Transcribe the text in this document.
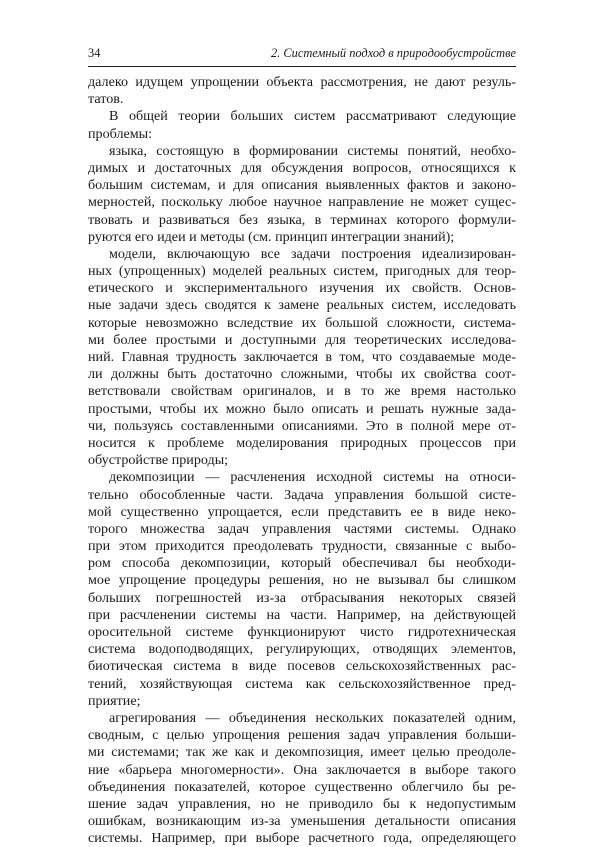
34	2. Системный подход в природообустройстве
далеко идущем упрощении объекта рассмотрения, не дают резуль-
татов.
В общей теории больших систем рассматривают следующие
проблемы:
языка, состоящую в формировании системы понятий, необхо-
димых и достаточных для обсуждения вопросов, относящихся к
большим системам, и для описания выявленных фактов и законо-
мерностей, поскольку любое научное направление не может сущес-
твовать и развиваться без языка, в терминах которого формули-
руются его идеи и методы (см. принцип интеграции знаний);
модели, включающую все задачи построения идеализирован-
ных (упрощенных) моделей реальных систем, пригодных для теор-
етического и экспериментального изучения их свойств. Основ-
ные задачи здесь сводятся к замене реальных систем, исследовать
которые невозможно вследствие их большой сложности, система-
ми более простыми и доступными для теоретических исследова-
ний. Главная трудность заключается в том, что создаваемые моде-
ли должны быть достаточно сложными, чтобы их свойства соот-
ветствовали свойствам оригиналов, и в то же время настолько
простыми, чтобы их можно было описать и решать нужные зада-
чи, пользуясь составленными описаниями. Это в полной мере от-
носится к проблеме моделирования природных процессов при
обустройстве природы;
декомпозиции — расчленения исходной системы на относи-
тельно обособленные части. Задача управления большой систе-
мой существенно упрощается, если представить ее в виде неко-
торого множества задач управления частями системы. Однако
при этом приходится преодолевать трудности, связанные с выбо-
ром способа декомпозиции, который обеспечивал бы необходи-
мое упрощение процедуры решения, но не вызывал бы слишком
больших погрешностей из-за отбрасывания некоторых связей
при расчленении системы на части. Например, на действующей
оросительной системе функционируют чисто гидротехническая
система водоподводящих, регулирующих, отводящих элементов,
биотическая система в виде посевов сельскохозяйственных рас-
тений, хозяйствующая система как сельскохозяйственное пред-
приятие;
агрегирования — объединения нескольких показателей одним,
сводным, с целью упрощения решения задач управления больши-
ми системами; так же как и декомпозиция, имеет целью преодоле-
ние «барьера многомерности». Она заключается в выборе такого
объединения показателей, которое существенно облегчило бы ре-
шение задач управления, но не приводило бы к недопустимым
ошибкам, возникающим из-за уменьшения детальности описания
системы. Например, при выборе расчетного года, определяющего
